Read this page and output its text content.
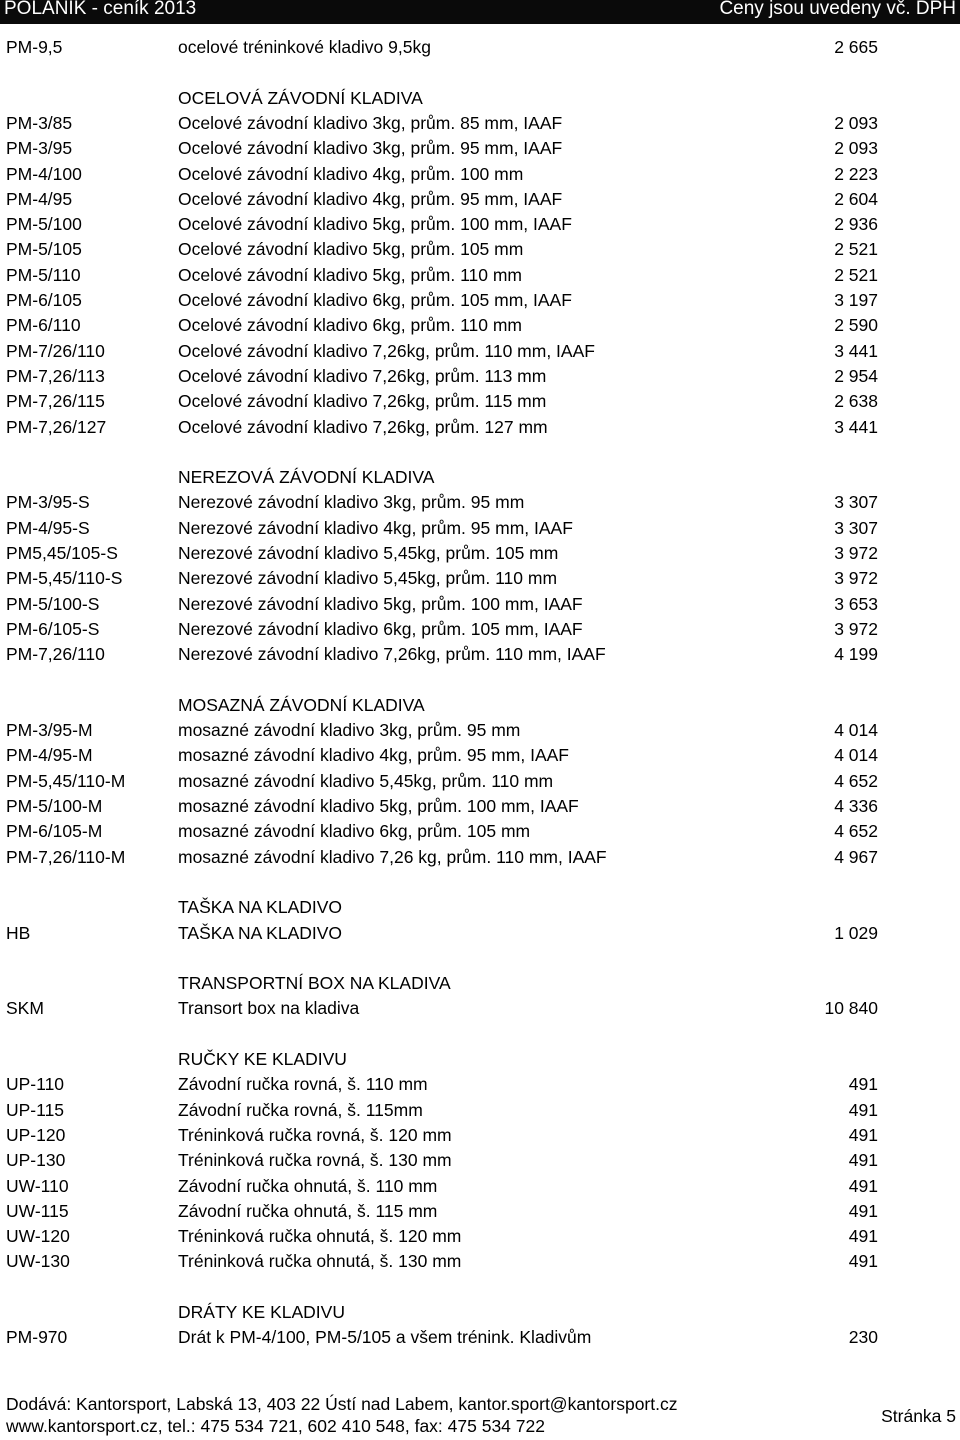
POLANIK - ceník 2013	Ceny jsou uvedeny vč. DPH
PM-9,5	ocelové tréninkové kladivo 9,5kg	2 665
OCELOVÁ ZÁVODNÍ KLADIVA
PM-3/85	Ocelové závodní kladivo 3kg, prům. 85 mm, IAAF	2 093
PM-3/95	Ocelové závodní kladivo 3kg, prům. 95 mm, IAAF	2 093
PM-4/100	Ocelové závodní kladivo 4kg, prům. 100 mm	2 223
PM-4/95	Ocelové závodní kladivo 4kg, prům. 95 mm, IAAF	2 604
PM-5/100	Ocelové závodní kladivo 5kg, prům. 100 mm, IAAF	2 936
PM-5/105	Ocelové závodní kladivo 5kg, prům. 105 mm	2 521
PM-5/110	Ocelové závodní kladivo 5kg, prům. 110 mm	2 521
PM-6/105	Ocelové závodní kladivo 6kg, prům. 105 mm, IAAF	3 197
PM-6/110	Ocelové závodní kladivo 6kg, prům. 110 mm	2 590
PM-7/26/110	Ocelové závodní kladivo 7,26kg, prům. 110 mm, IAAF	3 441
PM-7,26/113	Ocelové závodní kladivo 7,26kg, prům. 113 mm	2 954
PM-7,26/115	Ocelové závodní kladivo 7,26kg, prům. 115 mm	2 638
PM-7,26/127	Ocelové závodní kladivo 7,26kg, prům. 127 mm	3 441
NEREZOVÁ ZÁVODNÍ KLADIVA
PM-3/95-S	Nerezové závodní kladivo 3kg, prům. 95 mm	3 307
PM-4/95-S	Nerezové závodní kladivo 4kg, prům. 95 mm, IAAF	3 307
PM5,45/105-S	Nerezové závodní kladivo 5,45kg, prům. 105 mm	3 972
PM-5,45/110-S	Nerezové závodní kladivo 5,45kg, prům. 110 mm	3 972
PM-5/100-S	Nerezové závodní kladivo 5kg, prům. 100 mm, IAAF	3 653
PM-6/105-S	Nerezové závodní kladivo 6kg, prům. 105 mm, IAAF	3 972
PM-7,26/110	Nerezové závodní kladivo 7,26kg, prům. 110 mm, IAAF	4 199
MOSAZNÁ ZÁVODNÍ KLADIVA
PM-3/95-M	mosazné závodní kladivo 3kg, prům. 95 mm	4 014
PM-4/95-M	mosazné závodní kladivo 4kg, prům. 95 mm, IAAF	4 014
PM-5,45/110-M	mosazné závodní kladivo 5,45kg, prům. 110 mm	4 652
PM-5/100-M	mosazné závodní kladivo 5kg, prům. 100 mm, IAAF	4 336
PM-6/105-M	mosazné závodní kladivo 6kg, prům. 105 mm	4 652
PM-7,26/110-M	mosazné závodní kladivo 7,26 kg, prům. 110 mm, IAAF	4 967
TAŠKA NA KLADIVO
HB	TAŠKA NA KLADIVO	1 029
TRANSPORTNÍ BOX NA KLADIVA
SKM	Transort box na kladiva	10 840
RUČKY KE KLADIVU
UP-110	Závodní ručka rovná, š. 110 mm	491
UP-115	Závodní ručka rovná, š. 115mm	491
UP-120	Tréninková ručka rovná, š. 120 mm	491
UP-130	Tréninková ručka rovná, š. 130 mm	491
UW-110	Závodní ručka ohnutá, š. 110 mm	491
UW-115	Závodní ručka ohnutá, š. 115 mm	491
UW-120	Tréninková ručka ohnutá, š. 120 mm	491
UW-130	Tréninková ručka ohnutá, š. 130 mm	491
DRÁTY KE KLADIVU
PM-970	Drát k PM-4/100, PM-5/105 a všem trénink. Kladivům	230
Dodává: Kantorsport, Labská 13, 403 22 Ústí nad Labem, kantor.sport@kantorsport.cz
www.kantorsport.cz, tel.: 475 534 721, 602 410 548, fax: 475 534 722	Stránka 5
